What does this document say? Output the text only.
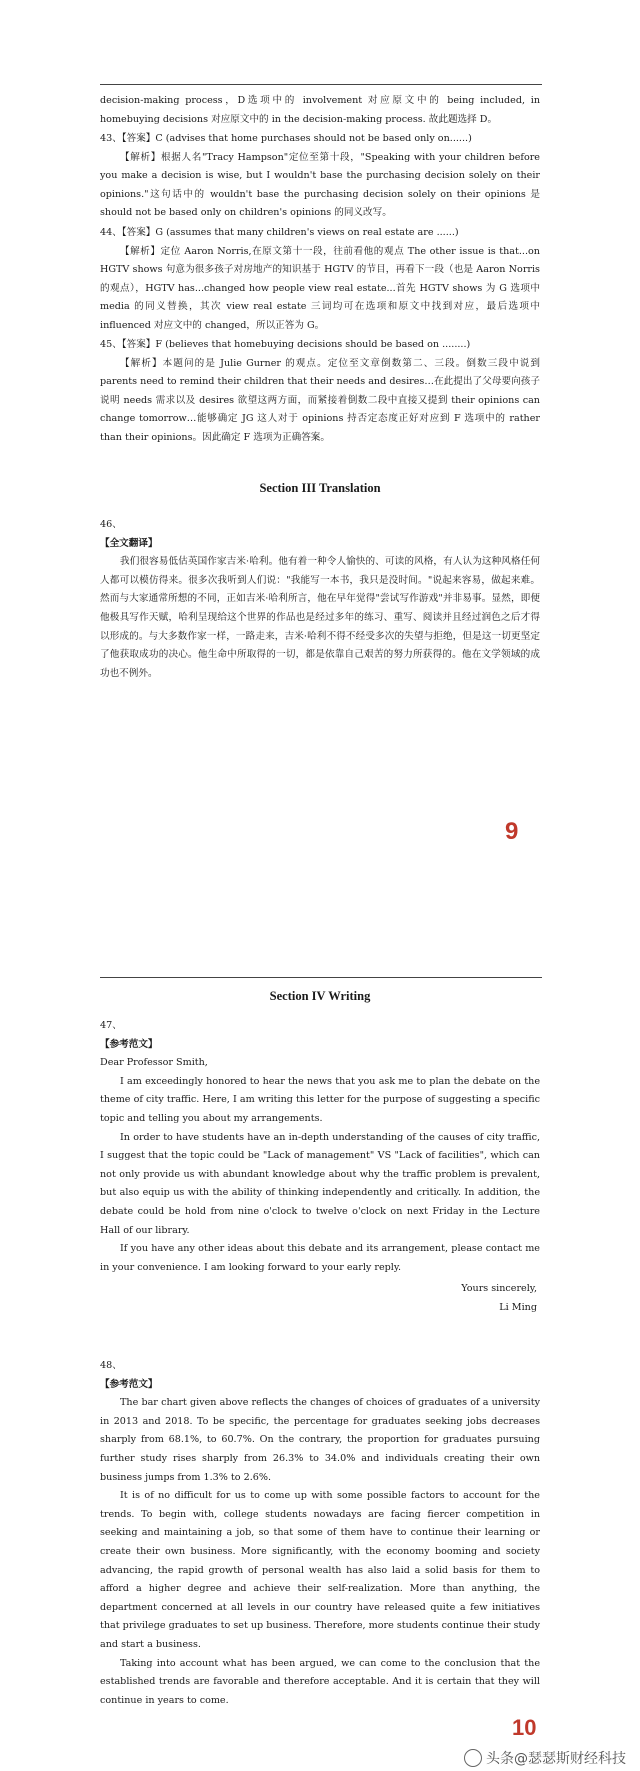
decision-making process，D选项中的 involvement 对应原文中的 being included, in homebuying decisions 对应原文中的 in the decision-making process. 故此题选择 D。

43、【答案】C (advises that home purchases should not be based only on......)

【解析】根据人名"Tracy Hampson"定位至第十段，"Speaking with your children before you make a decision is wise, but I wouldn't base the purchasing decision solely on their opinions."这句话中的 wouldn't base the purchasing decision solely on their opinions 是 should not be based only on children's opinions 的同义改写。

44、【答案】G (assumes that many children's views on real estate are ......)

【解析】定位 Aaron Norris,在原文第十一段，往前看他的观点 The other issue is that...on HGTV shows 句意为很多孩子对房地产的知识基于 HGTV 的节目，再看下一段（也是 Aaron Norris 的观点），HGTV has...changed how people view real estate...首先 HGTV shows 为 G 选项中 media 的同义替换，其次 view real estate 三词均可在选项和原文中找到对应，最后选项中 influenced 对应文中的 changed，所以正答为 G。

45、【答案】F (believes that homebuying decisions should be based on ........)

【解析】本题问的是 Julie Gurner 的观点。定位至文章倒数第二、三段。倒数三段中说到 parents need to remind their children that their needs and desires…在此提出了父母要向孩子说明 needs 需求以及 desires 欲望这两方面，而紧接着倒数二段中直接又提到 their opinions can change tomorrow…能够确定 JG 这人对于 opinions 持否定态度正好对应到 F 选项中的 rather than their opinions。因此确定 F 选项为正确答案。

Section III Translation

46、

【全文翻译】

我们很容易低估英国作家吉米·哈利。他有着一种令人愉快的、可读的风格，有人认为这种风格任何人都可以模仿得来。很多次我听到人们说："我能写一本书，我只是没时间。"说起来容易，做起来难。然而与大家通常所想的不同，正如吉米·哈利所言，他在早年觉得"尝试写作游戏"并非易事。显然，即便他极具写作天赋，哈利呈现给这个世界的作品也是经过多年的练习、重写、阅读并且经过润色之后才得以形成的。与大多数作家一样，一路走来，吉米·哈利不得不经受多次的失望与拒绝，但是这一切更坚定了他获取成功的决心。他生命中所取得的一切，都是依靠自己艰苦的努力所获得的。他在文学领域的成功也不例外。

9
Section IV Writing

47、

【参考范文】

Dear Professor Smith,

I am exceedingly honored to hear the news that you ask me to plan the debate on the theme of city traffic. Here, I am writing this letter for the purpose of suggesting a specific topic and telling you about my arrangements.

In order to have students have an in-depth understanding of the causes of city traffic, I suggest that the topic could be "Lack of management" VS "Lack of facilities", which can not only provide us with abundant knowledge about why the traffic problem is prevalent, but also equip us with the ability of thinking independently and critically. In addition, the debate could be hold from nine o'clock to twelve o'clock on next Friday in the Lecture Hall of our library.

If you have any other ideas about this debate and its arrangement, please contact me in your convenience. I am looking forward to your early reply.

Yours sincerely,
Li Ming

48、

【参考范文】

The bar chart given above reflects the changes of choices of graduates of a university in 2013 and 2018. To be specific, the percentage for graduates seeking jobs decreases sharply from 68.1%, to 60.7%. On the contrary, the proportion for graduates pursuing further study rises sharply from 26.3% to 34.0% and individuals creating their own business jumps from 1.3% to 2.6%.

It is of no difficult for us to come up with some possible factors to account for the trends. To begin with, college students nowadays are facing fiercer competition in seeking and maintaining a job, so that some of them have to continue their learning or create their own business. More significantly, with the economy booming and society advancing, the rapid growth of personal wealth has also laid a solid basis for them to afford a higher degree and achieve their self-realization. More than anything, the department concerned at all levels in our country have released quite a few initiatives that privilege graduates to set up business. Therefore, more students continue their study and start a business.

Taking into account what has been argued, we can come to the conclusion that the established trends are favorable and therefore acceptable. And it is certain that they will continue in years to come.

10
头条@瑟瑟斯财经科技
